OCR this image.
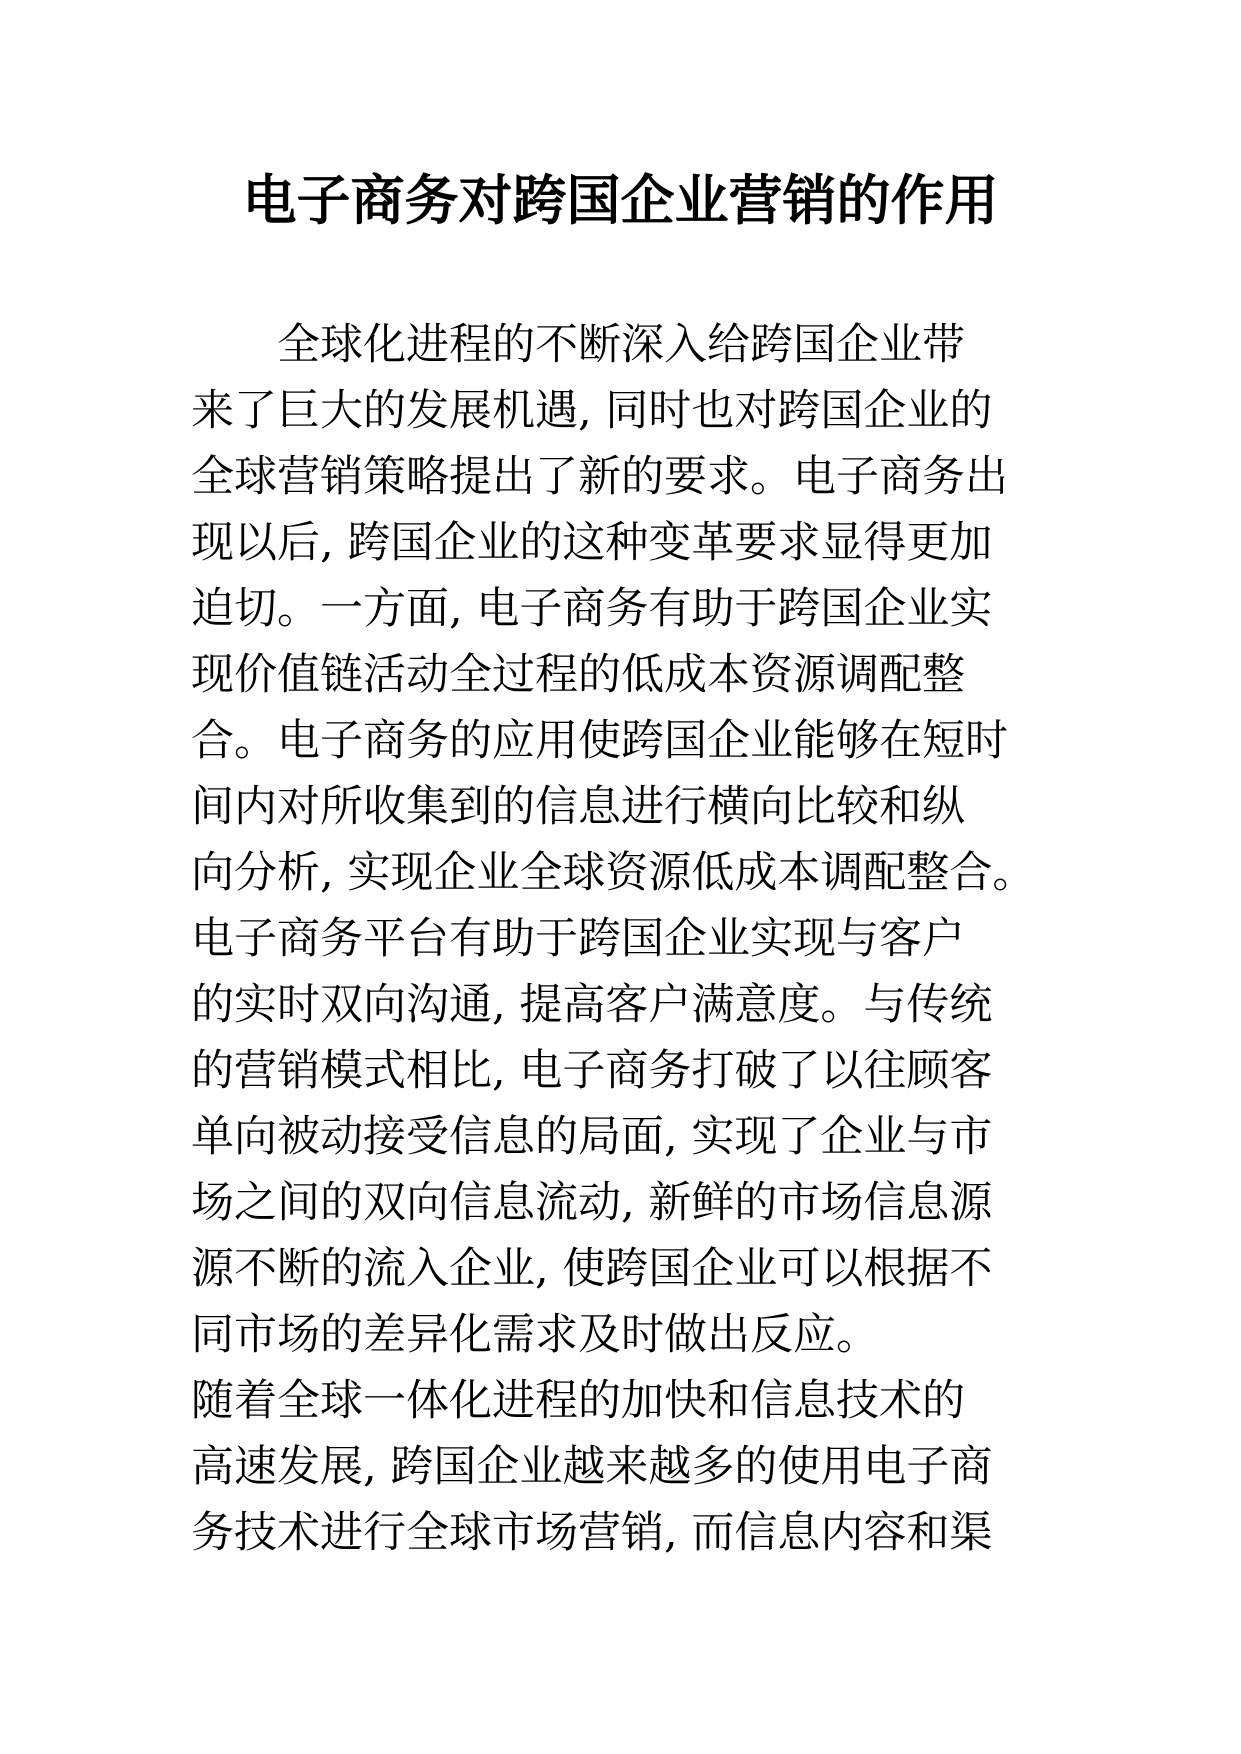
电子商务对跨国企业营销的作用
　　全球化进程的不断深入给跨国企业带
来了巨大的发展机遇, 同时也对跨国企业的
全球营销策略提出了新的要求。电子商务出
现以后, 跨国企业的这种变革要求显得更加
迫切。一方面, 电子商务有助于跨国企业实
现价值链活动全过程的低成本资源调配整
合。电子商务的应用使跨国企业能够在短时
间内对所收集到的信息进行横向比较和纵
向分析, 实现企业全球资源低成本调配整合。
电子商务平台有助于跨国企业实现与客户
的实时双向沟通, 提高客户满意度。与传统
的营销模式相比, 电子商务打破了以往顾客
单向被动接受信息的局面, 实现了企业与市
场之间的双向信息流动, 新鲜的市场信息源
源不断的流入企业, 使跨国企业可以根据不
同市场的差异化需求及时做出反应。
随着全球一体化进程的加快和信息技术的
高速发展, 跨国企业越来越多的使用电子商
务技术进行全球市场营销, 而信息内容和渠
